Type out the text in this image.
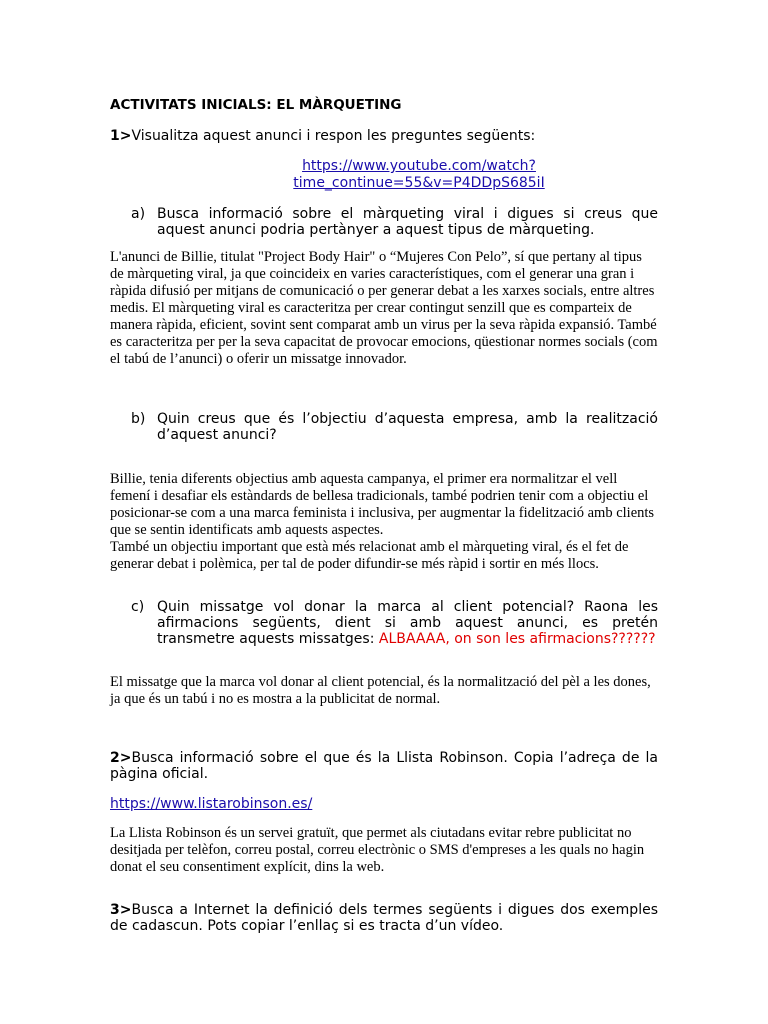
ACTIVITATS INICIALS: EL MÀRQUETING
1>Visualitza aquest anunci i respon les preguntes següents:
https://www.youtube.com/watch?
time_continue=55&v=P4DDpS685iI
a) Busca informació sobre el màrqueting viral i digues si creus que aquest anunci podria pertànyer a aquest tipus de màrqueting.
L'anunci de Billie, titulat "Project Body Hair" o “Mujeres Con Pelo”, sí que pertany al tipus de màrqueting viral, ja que coincideix en varies característiques, com el generar una gran i ràpida difusió per mitjans de comunicació o per generar debat a les xarxes socials, entre altres medis. El màrqueting viral es caracteritza per crear contingut senzill que es comparteix de manera ràpida, eficient, sovint sent comparat amb un virus per la seva ràpida expansió. També es caracteritza per per la seva capacitat de provocar emocions, qüestionar normes socials (com el tabú de l’anunci) o oferir un missatge innovador.
b) Quin creus que és l’objectiu d’aquesta empresa, amb la realització d’aquest anunci?
Billie, tenia diferents objectius amb aquesta campanya, el primer era normalitzar el vell femení i desafiar els estàndards de bellesa tradicionals, també podrien tenir com a objectiu el posicionar-se com a una marca feminista i inclusiva, per augmentar la fidelització amb clients que se sentin identificats amb aquests aspectes.
També un objectiu important que està més relacionat amb el màrqueting viral, és el fet de generar debat i polèmica, per tal de poder difundir-se més ràpid i sortir en més llocs.
c) Quin missatge vol donar la marca al client potencial? Raona les afirmacions següents, dient si amb aquest anunci, es pretén transmetre aquests missatges: ALBAAAA, on son les afirmacions??????
El missatge que la marca vol donar al client potencial, és la normalització del pèl a les dones, ja que és un tabú i no es mostra a la publicitat de normal.
2>Busca informació sobre el que és la Llista Robinson. Copia l’adreça de la pàgina oficial.
https://www.listarobinson.es/
La Llista Robinson és un servei gratuït, que permet als ciutadans evitar rebre publicitat no desitjada per telèfon, correu postal, correu electrònic o SMS d'empreses a les quals no hagin donat el seu consentiment explícit, dins la web.
3>Busca a Internet la definició dels termes següents i digues dos exemples de cadascun. Pots copiar l’enllaç si es tracta d’un vídeo.
